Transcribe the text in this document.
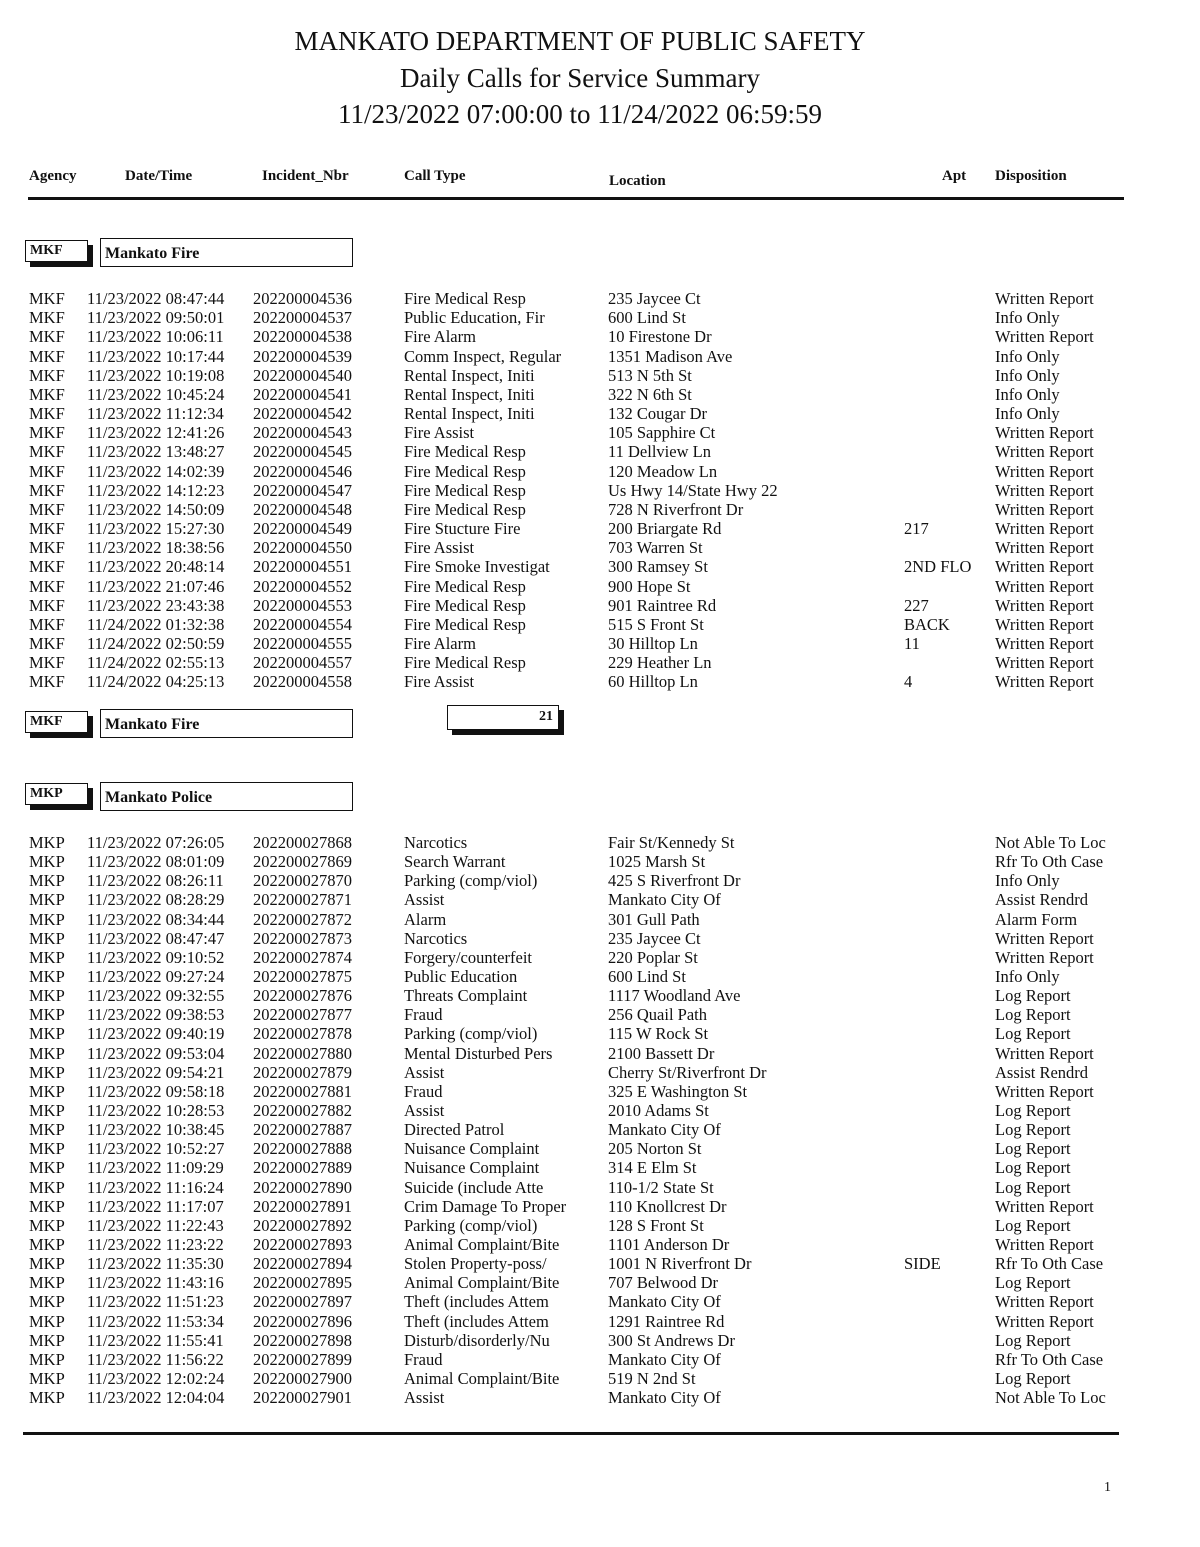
MANKATO DEPARTMENT OF PUBLIC SAFETY
Daily Calls for Service Summary
11/23/2022 07:00:00 to 11/24/2022 06:59:59
Agency	Date/Time	Incident_Nbr	Call Type	Location	Apt Disposition
MKF	Mankato Fire
MKF 11/23/2022 08:47:44 202200004536	Fire Medical Resp	235 Jaycee Ct	Written Report
MKF 11/23/2022 09:50:01 202200004537	Public Education, Fir	600 Lind St	Info Only
MKF 11/23/2022 10:06:11 202200004538	Fire Alarm	10 Firestone Dr	Written Report
MKF 11/23/2022 10:17:44 202200004539	Comm Inspect, Regular	1351 Madison Ave	Info Only
MKF 11/23/2022 10:19:08 202200004540	Rental Inspect, Initi	513 N 5th St	Info Only
MKF 11/23/2022 10:45:24 202200004541	Rental Inspect, Initi	322 N 6th St	Info Only
MKF 11/23/2022 11:12:34 202200004542	Rental Inspect, Initi	132 Cougar Dr	Info Only
MKF 11/23/2022 12:41:26 202200004543	Fire Assist	105 Sapphire Ct	Written Report
MKF 11/23/2022 13:48:27 202200004545	Fire Medical Resp	11 Dellview Ln	Written Report
MKF 11/23/2022 14:02:39 202200004546	Fire Medical Resp	120 Meadow Ln	Written Report
MKF 11/23/2022 14:12:23 202200004547	Fire Medical Resp	Us Hwy 14/State Hwy 22	Written Report
MKF 11/23/2022 14:50:09 202200004548	Fire Medical Resp	728 N Riverfront Dr	Written Report
MKF 11/23/2022 15:27:30 202200004549	Fire Stucture Fire	200 Briargate Rd	217	Written Report
MKF 11/23/2022 18:38:56 202200004550	Fire Assist	703 Warren St	Written Report
MKF 11/23/2022 20:48:14 202200004551	Fire Smoke Investigat	300 Ramsey St	2ND FLO Written Report
MKF 11/23/2022 21:07:46 202200004552	Fire Medical Resp	900 Hope St	Written Report
MKF 11/23/2022 23:43:38 202200004553	Fire Medical Resp	901 Raintree Rd	227	Written Report
MKF 11/24/2022 01:32:38 202200004554	Fire Medical Resp	515 S Front St	BACK	Written Report
MKF 11/24/2022 02:50:59 202200004555	Fire Alarm	30 Hilltop Ln	11	Written Report
MKF 11/24/2022 02:55:13 202200004557	Fire Medical Resp	229 Heather Ln	Written Report
MKF 11/24/2022 04:25:13 202200004558	Fire Assist	60 Hilltop Ln	4	Written Report
MKF	Mankato Fire	21
MKP	Mankato Police
MKP 11/23/2022 07:26:05 202200027868	Narcotics	Fair St/Kennedy St	Not Able To Loc
MKP 11/23/2022 08:01:09 202200027869	Search Warrant	1025 Marsh St	Rfr To Oth Case
MKP 11/23/2022 08:26:11 202200027870	Parking (comp/viol)	425 S Riverfront Dr	Info Only
MKP 11/23/2022 08:28:29 202200027871	Assist	Mankato City Of	Assist Rendrd
MKP 11/23/2022 08:34:44 202200027872	Alarm	301 Gull Path	Alarm Form
MKP 11/23/2022 08:47:47 202200027873	Narcotics	235 Jaycee Ct	Written Report
MKP 11/23/2022 09:10:52 202200027874	Forgery/counterfeit	220 Poplar St	Written Report
MKP 11/23/2022 09:27:24 202200027875	Public Education	600 Lind St	Info Only
MKP 11/23/2022 09:32:55 202200027876	Threats Complaint	1117 Woodland Ave	Log Report
MKP 11/23/2022 09:38:53 202200027877	Fraud	256 Quail Path	Log Report
MKP 11/23/2022 09:40:19 202200027878	Parking (comp/viol)	115 W Rock St	Log Report
MKP 11/23/2022 09:53:04 202200027880	Mental Disturbed Pers	2100 Bassett Dr	Written Report
MKP 11/23/2022 09:54:21 202200027879	Assist	Cherry St/Riverfront Dr	Assist Rendrd
MKP 11/23/2022 09:58:18 202200027881	Fraud	325 E Washington St	Written Report
MKP 11/23/2022 10:28:53 202200027882	Assist	2010 Adams St	Log Report
MKP 11/23/2022 10:38:45 202200027887	Directed Patrol	Mankato City Of	Log Report
MKP 11/23/2022 10:52:27 202200027888	Nuisance Complaint	205 Norton St	Log Report
MKP 11/23/2022 11:09:29 202200027889	Nuisance Complaint	314 E Elm St	Log Report
MKP 11/23/2022 11:16:24 202200027890	Suicide (include Atte	110-1/2 State St	Log Report
MKP 11/23/2022 11:17:07 202200027891	Crim Damage To Proper	110 Knollcrest Dr	Written Report
MKP 11/23/2022 11:22:43 202200027892	Parking (comp/viol)	128 S Front St	Log Report
MKP 11/23/2022 11:23:22 202200027893	Animal Complaint/Bite	1101 Anderson Dr	Written Report
MKP 11/23/2022 11:35:30 202200027894	Stolen Property-poss/	1001 N Riverfront Dr	SIDE	Rfr To Oth Case
MKP 11/23/2022 11:43:16 202200027895	Animal Complaint/Bite	707 Belwood Dr	Log Report
MKP 11/23/2022 11:51:23 202200027897	Theft (includes Attem	Mankato City Of	Written Report
MKP 11/23/2022 11:53:34 202200027896	Theft (includes Attem	1291 Raintree Rd	Written Report
MKP 11/23/2022 11:55:41 202200027898	Disturb/disorderly/Nu	300 St Andrews Dr	Log Report
MKP 11/23/2022 11:56:22 202200027899	Fraud	Mankato City Of	Rfr To Oth Case
MKP 11/23/2022 12:02:24 202200027900	Animal Complaint/Bite	519 N 2nd St	Log Report
MKP 11/23/2022 12:04:04 202200027901	Assist	Mankato City Of	Not Able To Loc
1
